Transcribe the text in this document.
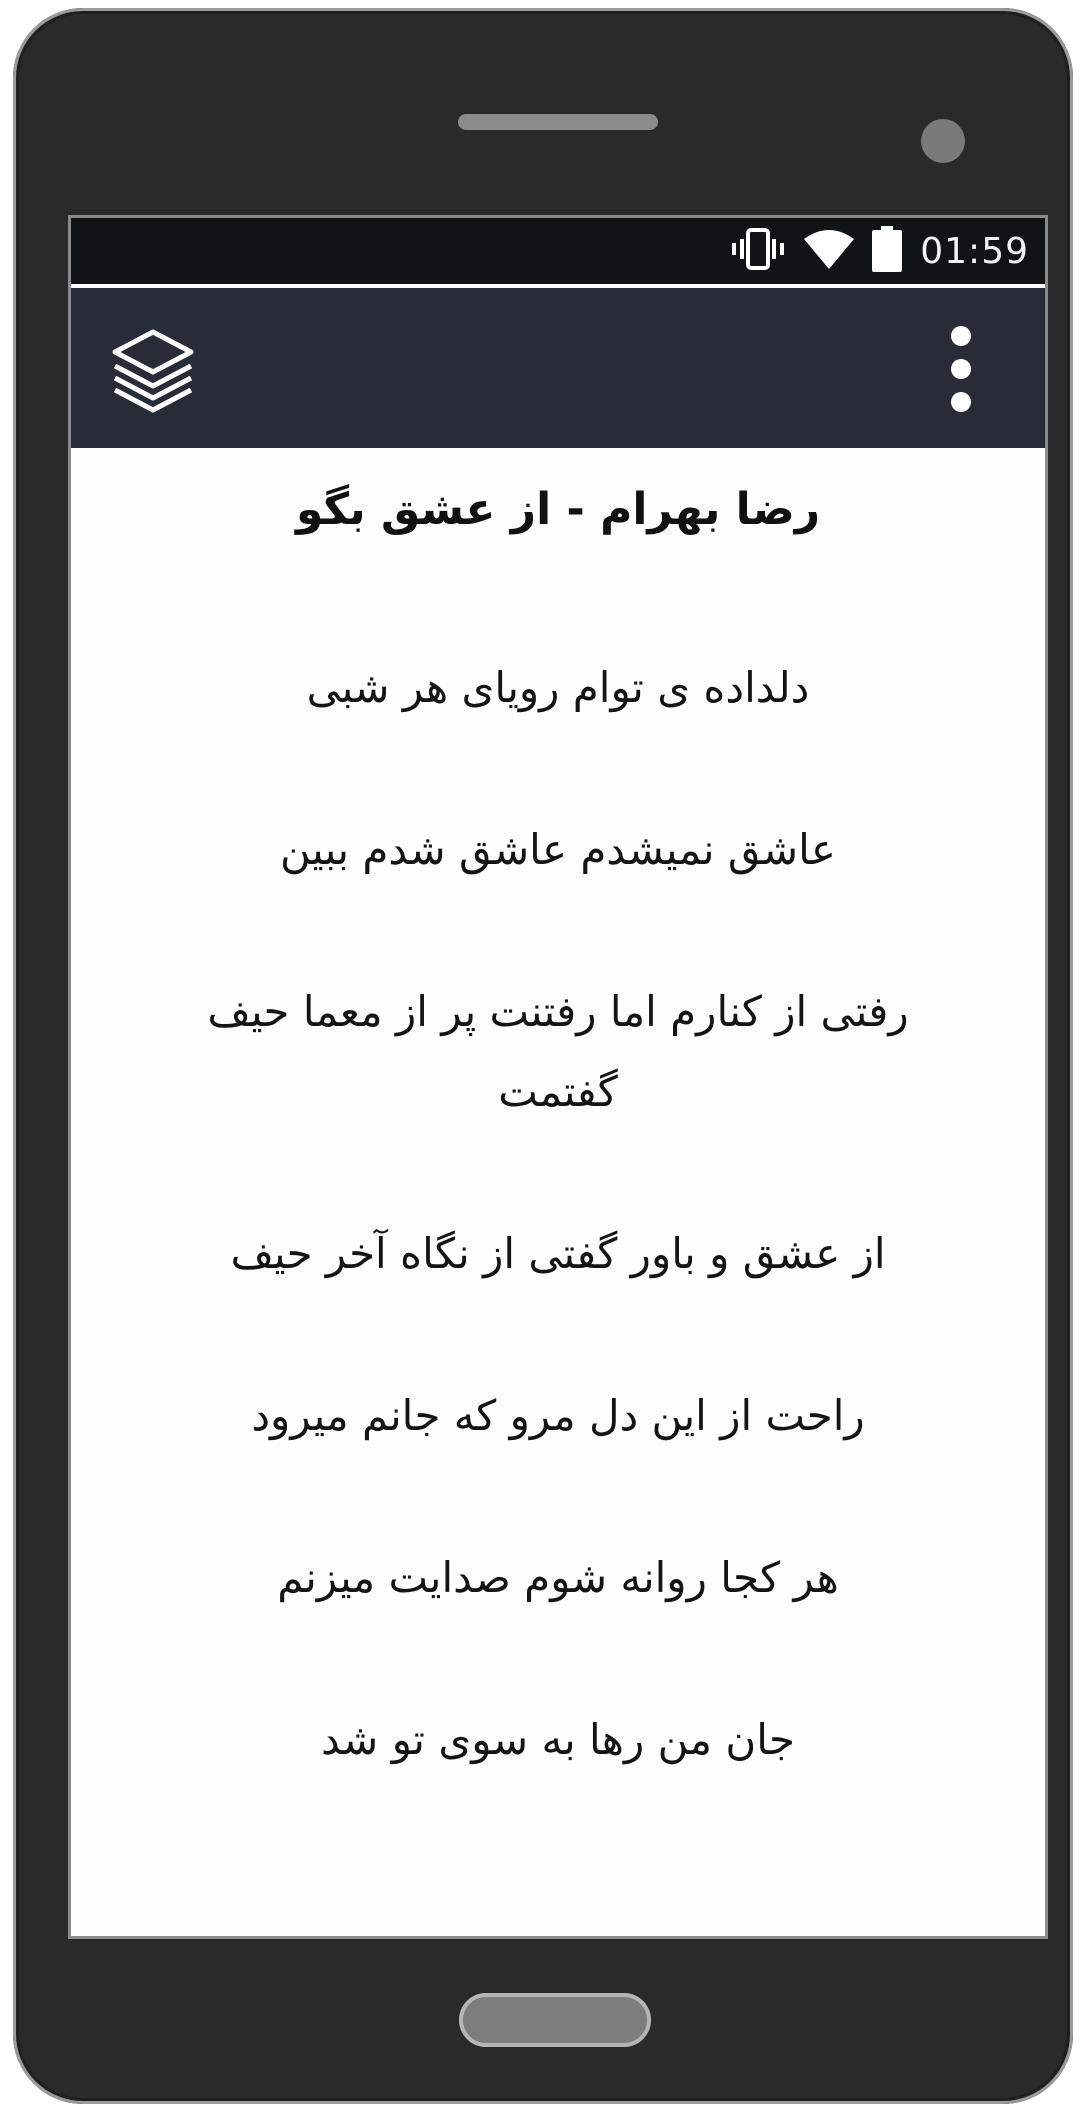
01:59
رضا بهرام - از عشق بگو
دلداده ی توام رویای هر شبی
عاشق نمیشدم عاشق شدم ببین
رفتی از کنارم اما رفتنت پر از معما حیف گفتمت
از عشق و باور گفتی از نگاه آخر حیف
راحت از این دل مرو که جانم میرود
هر کجا روانه شوم صدایت میزنم
جان من رها به سوی تو شد
